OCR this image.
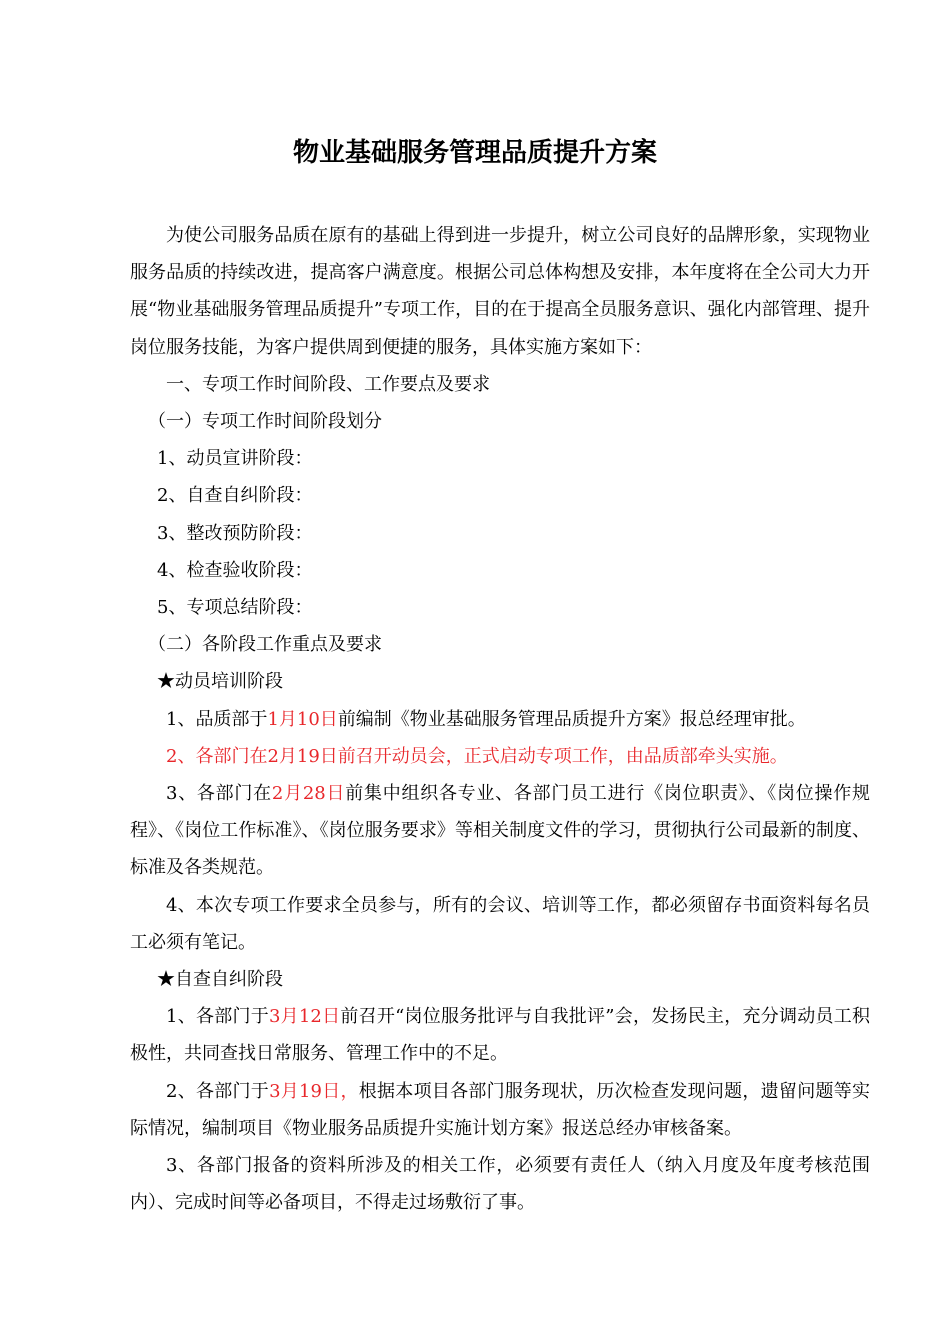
物业基础服务管理品质提升方案

为使公司服务品质在原有的基础上得到进一步提升，树立公司良好的品牌形象，实现物业服务品质的持续改进，提高客户满意度。根据公司总体构想及安排，本年度将在全公司大力开展“物业基础服务管理品质提升”专项工作，目的在于提高全员服务意识、强化内部管理、提升岗位服务技能，为客户提供周到便捷的服务，具体实施方案如下：

一、专项工作时间阶段、工作要点及要求

（一）专项工作时间阶段划分

1、动员宣讲阶段：

2、自查自纠阶段：

3、整改预防阶段：

4、检查验收阶段：

5、专项总结阶段：

（二）各阶段工作重点及要求

★动员培训阶段

1、品质部于1月10日前编制《物业基础服务管理品质提升方案》报总经理审批。

2、各部门在2月19日前召开动员会，正式启动专项工作，由品质部牵头实施。

3、各部门在2月28日前集中组织各专业、各部门员工进行《岗位职责》、《岗位操作规程》、《岗位工作标准》、《岗位服务要求》等相关制度文件的学习，贯彻执行公司最新的制度、标准及各类规范。

4、本次专项工作要求全员参与，所有的会议、培训等工作，都必须留存书面资料每名员工必须有笔记。

★自查自纠阶段

1、各部门于3月12日前召开“岗位服务批评与自我批评”会，发扬民主，充分调动员工积极性，共同查找日常服务、管理工作中的不足。

2、各部门于3月19日，根据本项目各部门服务现状，历次检查发现问题，遗留问题等实际情况，编制项目《物业服务品质提升实施计划方案》报送总经办审核备案。

3、各部门报备的资料所涉及的相关工作，必须要有责任人（纳入月度及年度考核范围内）、完成时间等必备项目，不得走过场敷衍了事。
